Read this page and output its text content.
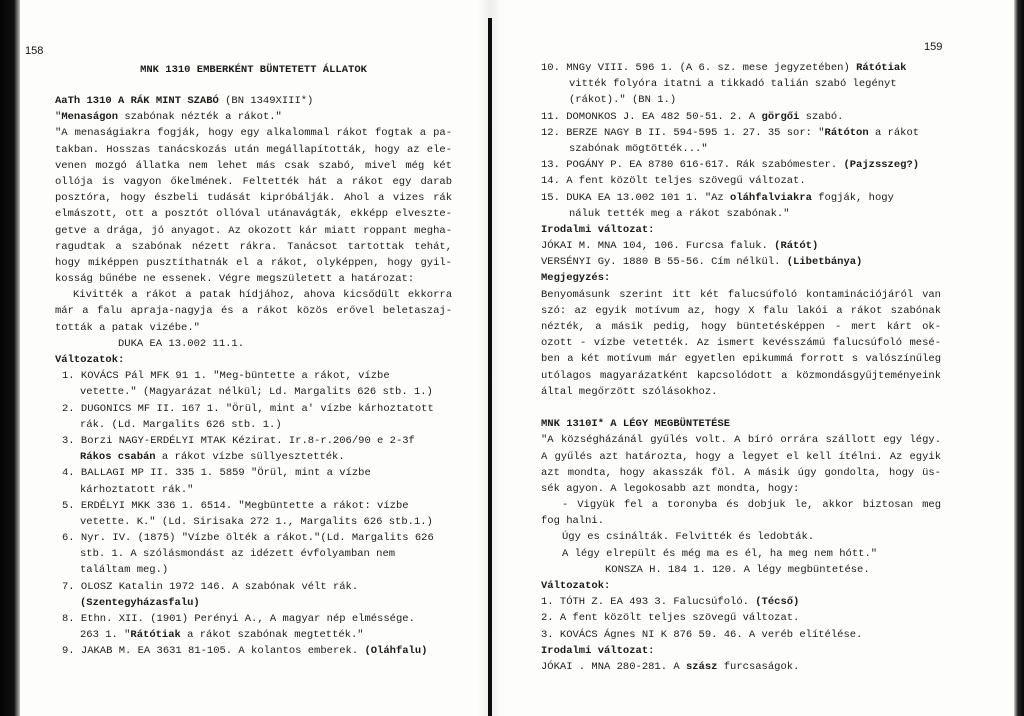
158
MNK 1310 EMBERKÉNT BÜNTETETT ÁLLATOK
AaTh 1310 A RÁK MINT SZABÓ (BN 1349XIII*)
"Menaságon szabónak nézték a rákot."
"A menaságiakra fogják, hogy egy alkalommal rákot fogtak a pa-
takban. Hosszas tanácskozás után megállapították, hogy az ele-
venen mozgó állatka nem lehet más csak szabó, mivel még két
ollója is vagyon őkelmének. Feltették hát a rákot egy darab
posztóra, hogy észbeli tudását kipróbálják. Ahol a vizes rák
elmászott, ott a posztót ollóval utánavágták, ekképp elveszte-
getve a drága, jó anyagot. Az okozott kár miatt roppant megha-
ragudtak a szabónak nézett rákra. Tanácsot tartottak tehát,
hogy miképpen pusztíthatnák el a rákot, olyképpen, hogy gyil-
kosság bűnébe ne essenek. Végre megszületett a határozat:
Kivitték a rákot a patak hídjához, ahova kicsődült ekkorra
már a falu apraja-nagyja és a rákot közös erővel beletaszaj-
tották a patak vizébe."
DUKA EA 13.002 11.1.
Változatok:
1. KOVÁCS Pál MFK 91 1. "Meg-büntette a rákot, vízbe
vetette." (Magyarázat nélkül; Ld. Margalits 626 stb. 1.)
2. DUGONICS MF II. 167 1. "Örül, mint a' vízbe kárhoztatott
rák. (Ld. Margalits 626 stb. 1.)
3. Borzi NAGY-ERDÉLYI MTAK Kézirat. Ir.8-r.206/90 e 2-3f
Rákos csabán a rákot vízbe süllyesztették.
4. BALLAGI MP II. 335 1. 5859 "Örül, mint a vízbe
kárhoztatott rák."
5. ERDÉLYI MKK 336 1. 6514. "Megbüntette a rákot: vízbe
vetette. K." (Ld. Sirisaka 272 1., Margalits 626 stb.1.)
6. Nyr. IV. (1875) "Vízbe ölték a rákot."(Ld. Margalits 626
stb. 1. A szólásmondást az idézett évfolyamban nem
találtam meg.)
7. OLOSZ Katalin 1972 146. A szabónak vélt rák.
(Szentegyházasfalu)
8. Ethn. XII. (1901) Perényi A., A magyar nép elméssége.
263 1. "Rátótiak a rákot szabónak megtették."
9. JAKAB M. EA 3631 81-105. A kolantos emberek. (Oláhfalu)
159
10. MNGy VIII. 596 1. (A 6. sz. mese jegyzetében) Rátótiak
vitték folyóra itatni a tikkadó talián szabó legényt
(rákot)." (BN 1.)
11. DOMONKOS J. EA 482 50-51. 2. A görgői szabó.
12. BERZE NAGY B II. 594-595 1. 27. 35 sor: "Rátóton a rákot
szabónak mögtötték..."
13. POGÁNY P. EA 8780 616-617. Rák szabómester. (Pajzsszeg?)
14. A fent közölt teljes szövegű változat.
15. DUKA EA 13.002 101 1. "Az oláhfalviakra fogják, hogy
náluk tették meg a rákot szabónak."
Irodalmi változat:
JÓKAI M. MNA 104, 106. Furcsa faluk. (Rátót)
VERSÉNYI Gy. 1880 B 55-56. Cím nélkül. (Libetbánya)
Megjegyzés:
Benyomásunk szerint itt két falucsúfoló kontaminációjáról van
szó: az egyik motívum az, hogy X falu lakói a rákot szabónak
nézték, a másik pedig, hogy büntetésképpen - mert kárt ok-
ozott - vízbe vetették. Az ismert kevésszámú falucsúfoló mesé-
ben a két motívum már egyetlen epikummá forrott s valószínűleg
utólagos magyarázatként kapcsolódott a közmondásgyűjteményeink
által megőrzött szólásokhoz.
MNK 1310I* A LÉGY MEGBÜNTETÉSE
"A községházánál gyűlés volt. A bíró orrára szállott egy légy.
A gyűlés azt határozta, hogy a legyet el kell ítélni. Az egyik
azt mondta, hogy akasszák föl. A másik úgy gondolta, hogy üs-
sék agyon. A legokosabb azt mondta, hogy:
- Vigyük fel a toronyba és dobjuk le, akkor biztosan meg
fog halni.
Úgy es csinálták. Felvitték és ledobták.
A légy elrepült és még ma es él, ha meg nem hótt."
KONSZA H. 184 1. 120. A légy megbüntetése.
Változatok:
1. TÓTH Z. EA 493 3. Falucsúfoló. (Técső)
2. A fent közölt teljes szövegű változat.
3. KOVÁCS Ágnes NI K 876 59. 46. A veréb elítélése.
Irodalmi változat:
JÓKAI . MNA 280-281. A szász furcsaságok.
